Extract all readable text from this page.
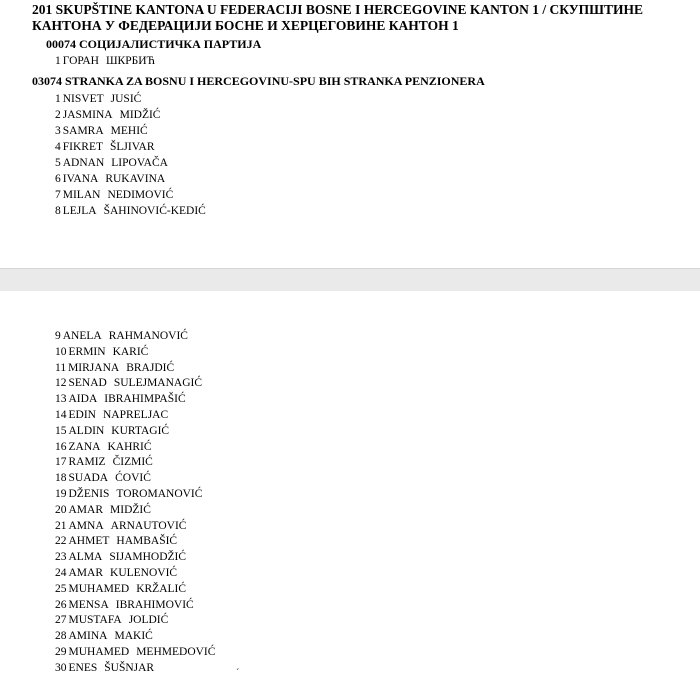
201 SKUPŠTINE KANTONA U FEDERACIJI BOSNE I HERCEGOVINE KANTON 1 / СКУПШТИНЕ КАНТОНА У ФЕДЕРАЦИЈИ БОСНЕ И ХЕРЦЕГОВИНЕ КАНТОН 1
00074 СОЦИЈАЛИСТИЧКА ПАРТИЈА
1 ГОРАН ШКРБИЋ
03074 STRANKA ZA BOSNU I HERCEGOVINU-SPU BIH STRANKA PENZIONERA
1 NISVET JUSIĆ
2 JASMINA MIDŽIĆ
3 SAMRA MEHIĆ
4 FIKRET ŠLJIVAR
5 ADNAN LIPOVAČA
6 IVANA RUKAVINA
7 MILAN NEDIMOVIĆ
8 LEJLA ŠAHINOVIĆ-KEDIĆ
9 ANELA RAHMANOVIĆ
10 ERMIN KARIĆ
11 MIRJANA BRAJDIĆ
12 SENAD SULEJMANAGIĆ
13 AIDA IBRAHIMPAŠIĆ
14 EDIN NAPRELJAC
15 ALDIN KURTAGIĆ
16 ZANA KAHRIĆ
17 RAMIZ ČIZMIĆ
18 SUADA ĆOVIĆ
19 DŽENIS TOROMANOVIĆ
20 AMAR MIDŽIĆ
21 AMNA ARNAUTOVIĆ
22 AHMET HAMBAŠIĆ
23 ALMA SIJAMHODŽIĆ
24 AMAR KULENOVIĆ
25 MUHAMED KRŽALIĆ
26 MENSA IBRAHIMOVIĆ
27 MUSTAFA JOLDIĆ
28 AMINA MAKIĆ
29 MUHAMED MEHMEDOVIĆ
30 ENES ŠUŠNJAR	ˊ
